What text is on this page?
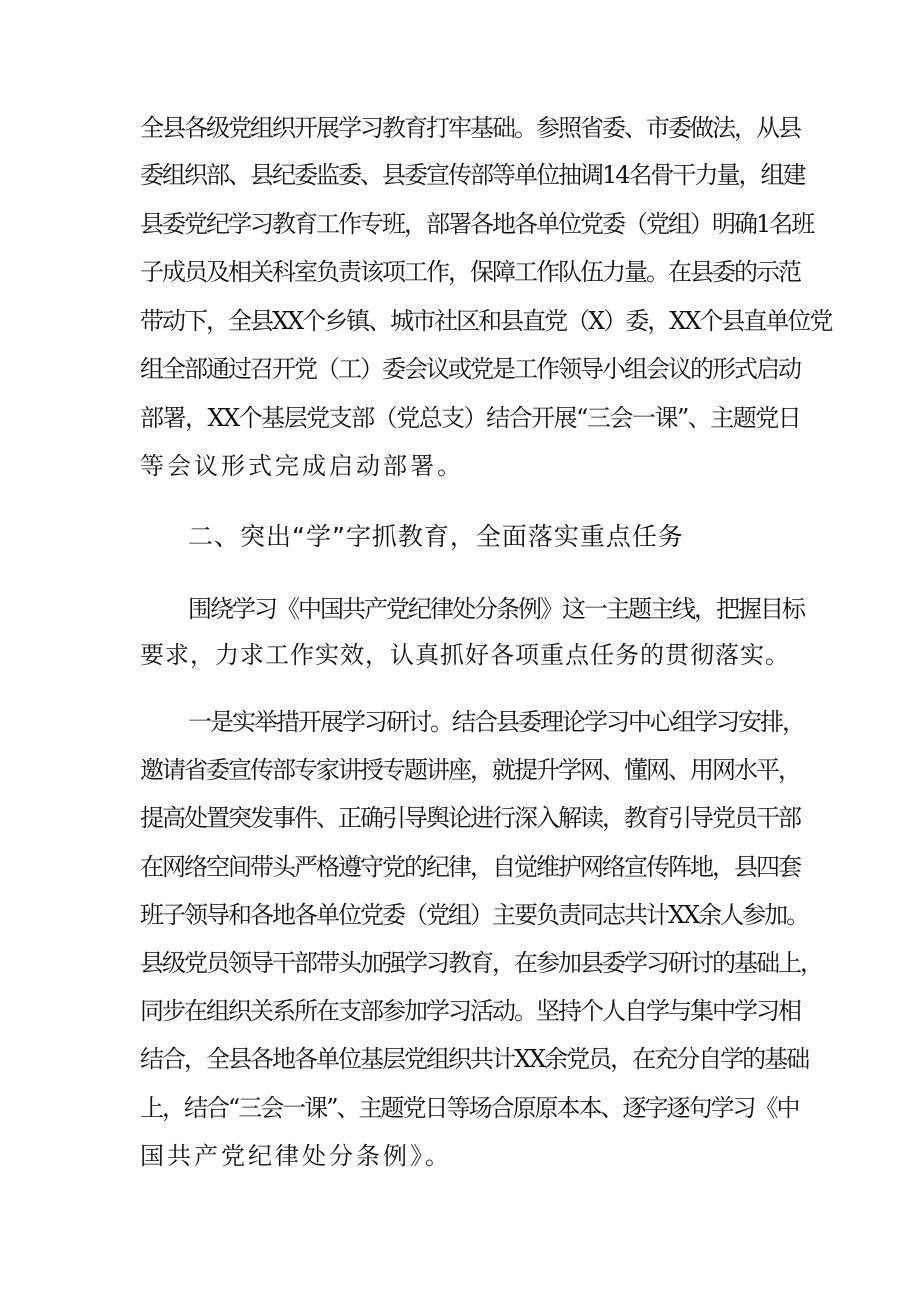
全县各级党组织开展学习教育打牢基础。参照省委、市委做法，从县
委组织部、县纪委监委、县委宣传部等单位抽调14名骨干力量，组建
县委党纪学习教育工作专班，部署各地各单位党委（党组）明确1名班
子成员及相关科室负责该项工作，保障工作队伍力量。在县委的示范
带动下，全县XX个乡镇、城市社区和县直党（X）委，XX个县直单位党
组全部通过召开党（工）委会议或党是工作领导小组会议的形式启动
部署，XX个基层党支部（党总支）结合开展“三会一课”、主题党日
等会议形式完成启动部署。
二、突出“学”字抓教育，全面落实重点任务
围绕学习《中国共产党纪律处分条例》这一主题主线，把握目标
要求，力求工作实效，认真抓好各项重点任务的贯彻落实。
一是实举措开展学习研讨。结合县委理论学习中心组学习安排，
邀请省委宣传部专家讲授专题讲座，就提升学网、懂网、用网水平，
提高处置突发事件、正确引导舆论进行深入解读，教育引导党员干部
在网络空间带头严格遵守党的纪律，自觉维护网络宣传阵地，县四套
班子领导和各地各单位党委（党组）主要负责同志共计XX余人参加。
县级党员领导干部带头加强学习教育，在参加县委学习研讨的基础上，
同步在组织关系所在支部参加学习活动。坚持个人自学与集中学习相
结合，全县各地各单位基层党组织共计XX余党员，在充分自学的基础
上，结合“三会一课”、主题党日等场合原原本本、逐字逐句学习《中
国共产党纪律处分条例》。
